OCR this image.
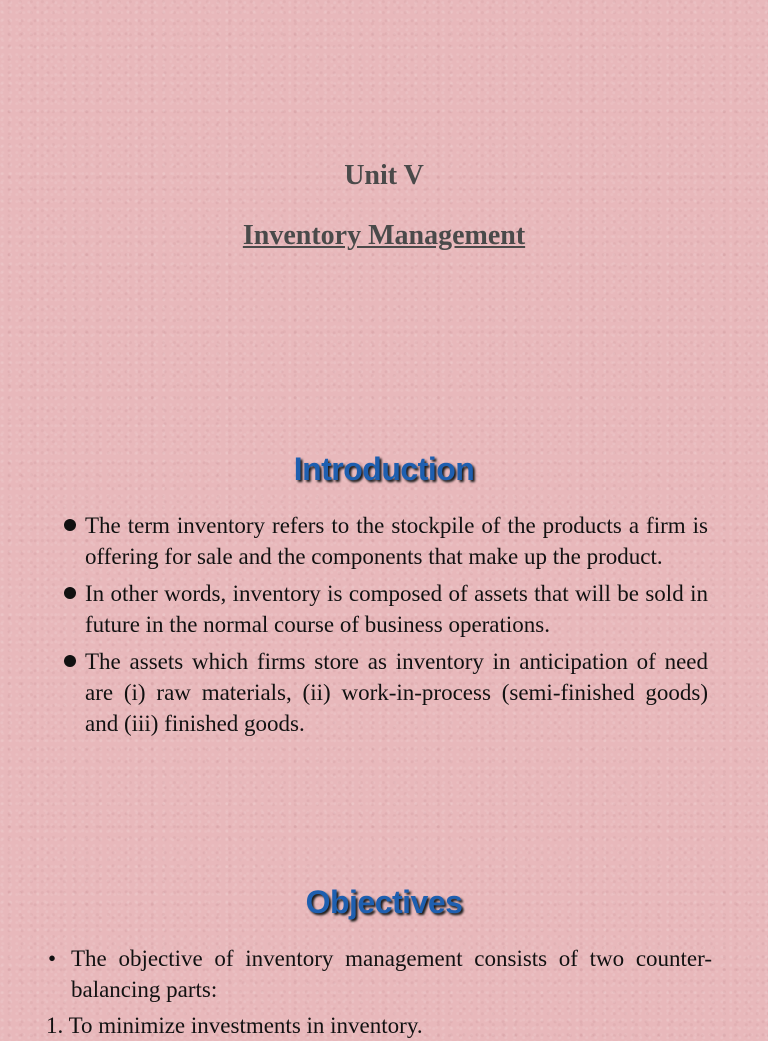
Unit V
Inventory Management
Introduction
The term inventory refers to the stockpile of the products a firm is offering for sale and the components that make up the product.
In other words, inventory is composed of assets that will be sold in future in the normal course of business operations.
The assets which firms store as inventory in anticipation of need are (i) raw materials, (ii) work-in-process (semi-finished goods) and (iii) finished goods.
Objectives
• The objective of inventory management consists of two counter-balancing parts:

1. To minimize investments in inventory.
